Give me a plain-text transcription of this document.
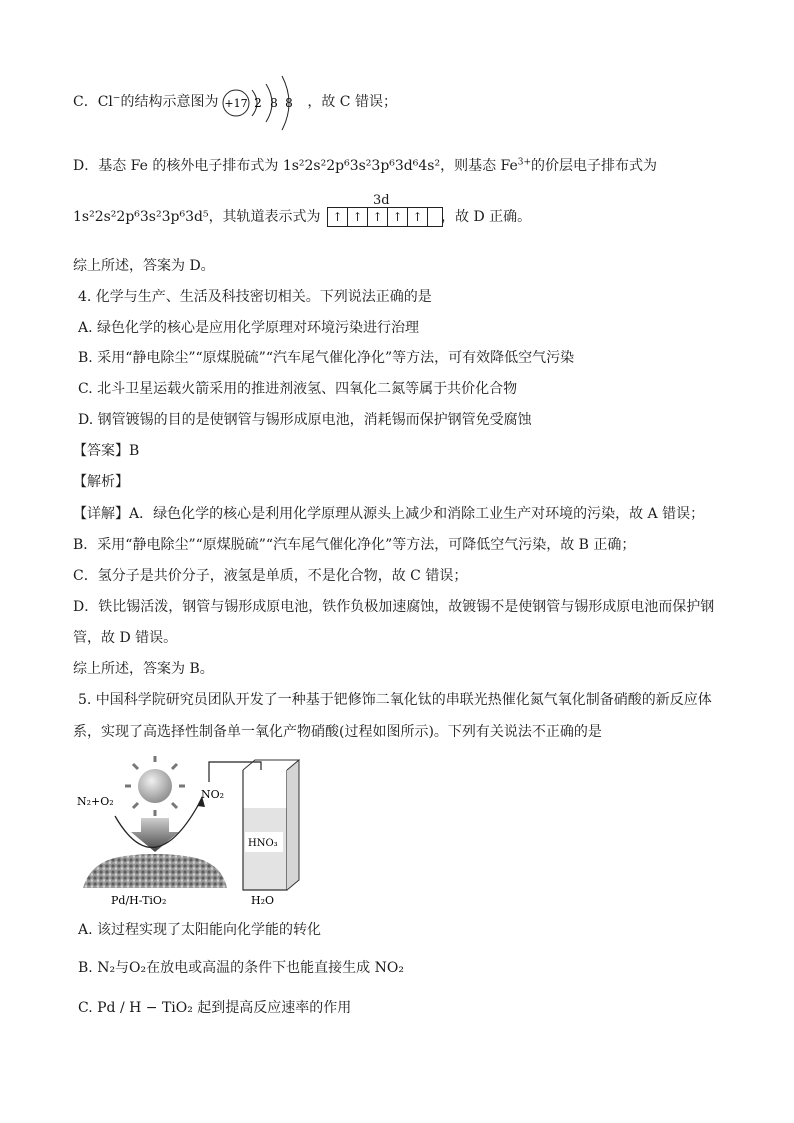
C．Cl−的结构示意图为	，故 C 错误；
+17 2 8 8
D．基态 Fe 的核外电子排布式为 1s²2s²2p⁶3s²3p⁶3d⁶4s²，则基态 $Fe^{3+}$的价层电子排布式为
1s²2s²2p⁶3s²3p⁶3d⁵，其轨道表示式为
3d
↑ ↑ ↑ ↑ ↑	，故 D 正确。
综上所述，答案为 D。
4. 化学与生产、生活及科技密切相关。下列说法正确的是
A. 绿色化学的核心是应用化学原理对环境污染进行治理
B. 采用“静电除尘”“原煤脱硫”“汽车尾气催化净化”等方法，可有效降低空气污染
C. 北斗卫星运载火箭采用的推进剂液氢、四氧化二氮等属于共价化合物
D. 钢管镀锡的目的是使钢管与锡形成原电池，消耗锡而保护钢管免受腐蚀
【答案】B
【解析】
【详解】A．绿色化学的核心是利用化学原理从源头上减少和消除工业生产对环境的污染，故 A 错误；
B．采用“静电除尘”“原煤脱硫”“汽车尾气催化净化”等方法，可降低空气污染，故 B 正确；
C．氢分子是共价分子，液氢是单质，不是化合物，故 C 错误；
D．铁比锡活泼，钢管与锡形成原电池，铁作负极加速腐蚀，故镀锡不是使钢管与锡形成原电池而保护钢
管，故 D 错误。
综上所述，答案为 B。
5. 中国科学院研究员团队开发了一种基于钯修饰二氧化钛的串联光热催化氮气氧化制备硝酸的新反应体
系，实现了高选择性制备单一氧化产物硝酸(过程如图所示)。下列有关说法不正确的是
N₂+O₂
NO₂
Pd/H-TiO₂
HNO₃
H₂O
A. 该过程实现了太阳能向化学能的转化
B. N₂与O₂在放电或高温的条件下也能直接生成 NO₂
C. Pd / H − TiO₂ 起到提高反应速率的作用
